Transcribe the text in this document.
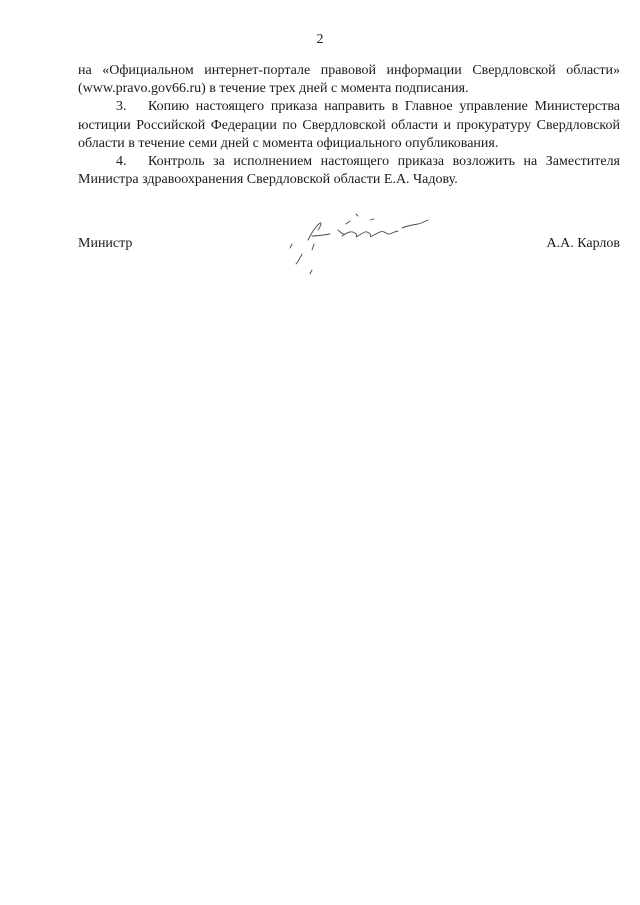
2

на «Официальном интернет-портале правовой информации Свердловской области» (www.pravo.gov66.ru) в течение трех дней с момента подписания.

3. Копию настоящего приказа направить в Главное управление Министерства юстиции Российской Федерации по Свердловской области и прокуратуру Свердловской области в течение семи дней с момента официального опубликования.

4. Контроль за исполнением настоящего приказа возложить на Заместителя Министра здравоохранения Свердловской области Е.А. Чадову.

Министр	А.А. Карлов
